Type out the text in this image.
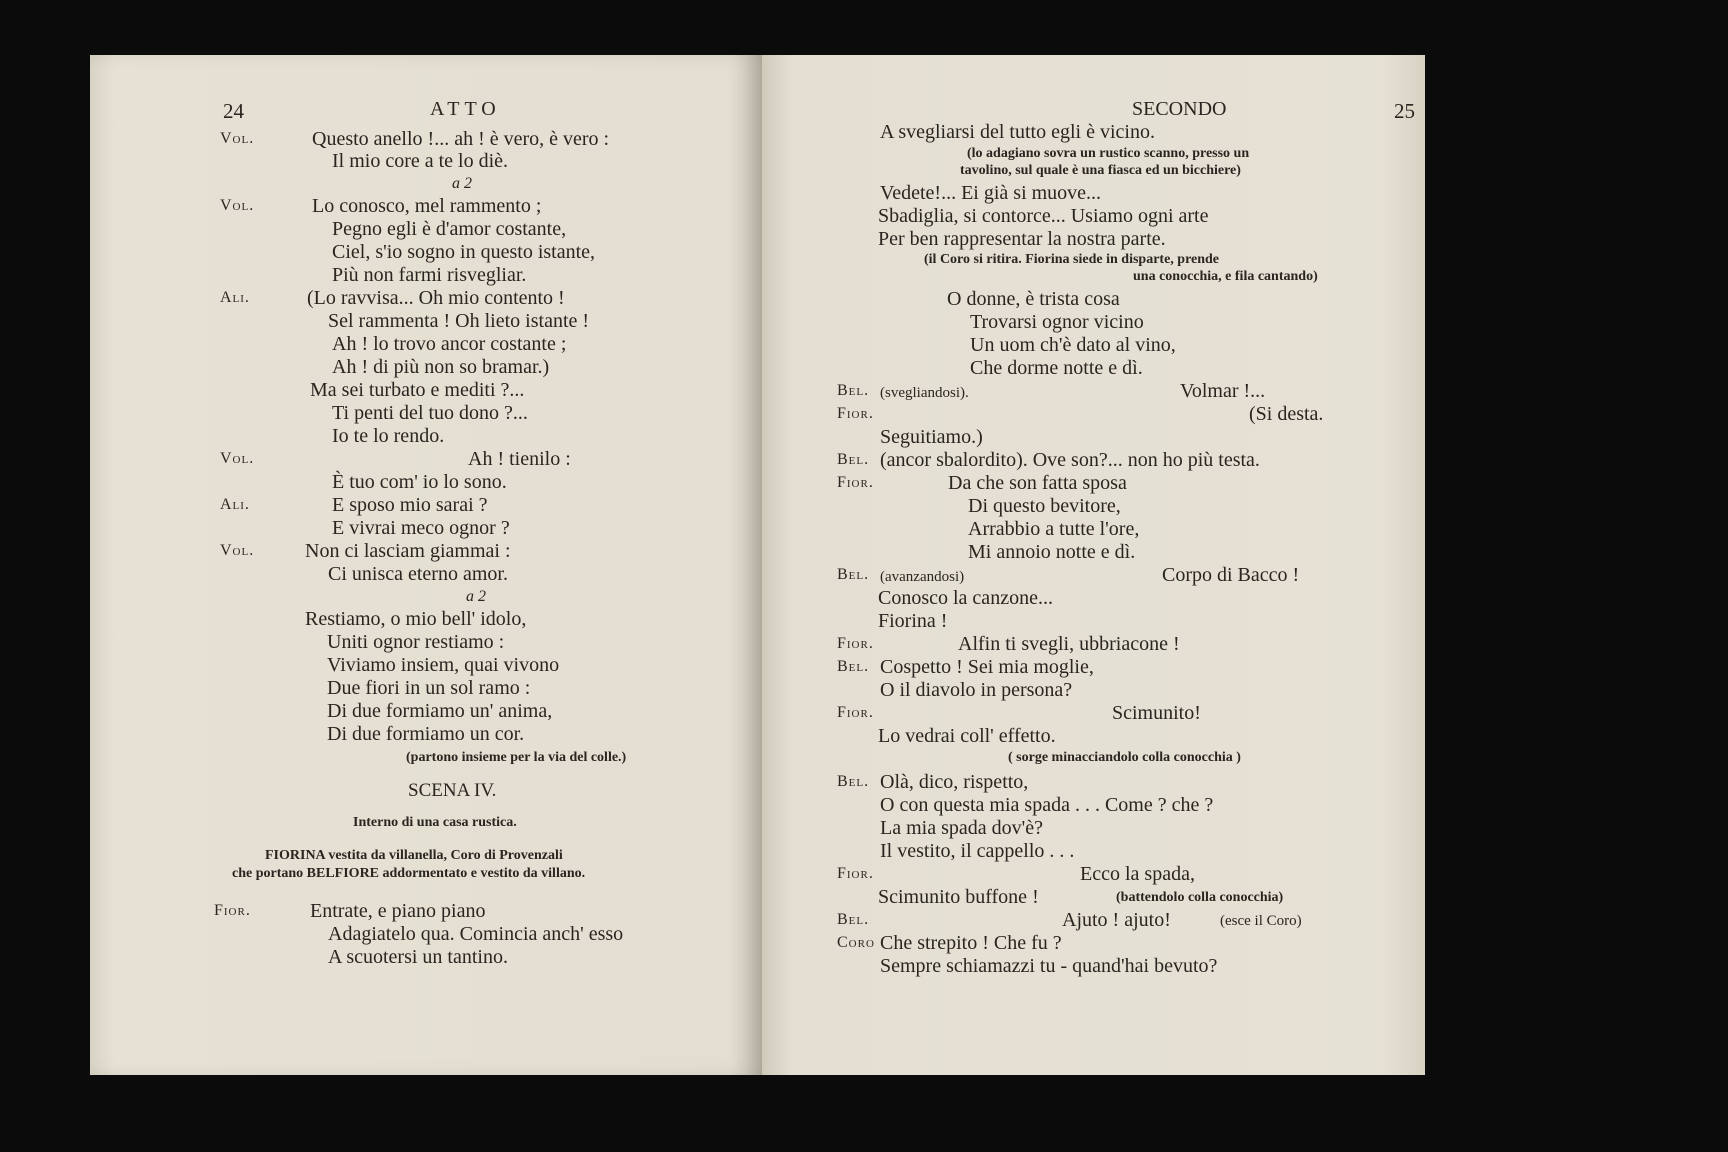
24	ATTO
Vol.	Questo anello !... ah ! è vero, è vero :
Il mio core a te lo diè.
a 2
Vol.	Lo conosco, mel rammento ;
Pegno egli è d'amor costante,
Ciel, s'io sogno in questo istante,
Più non farmi risvegliar.
Ali.	(Lo ravvisa... Oh mio contento !
Sel rammenta ! Oh lieto istante !
Ah ! lo trovo ancor costante ;
Ah ! di più non so bramar.)
Ma sei turbato e mediti ?...
Ti penti del tuo dono ?...
Io te lo rendo.
Vol.	Ah ! tienilo :
È tuo com' io lo sono.
Ali.	E sposo mio sarai ?
E vivrai meco ognor ?
Vol.	Non ci lasciam giammai :
Ci unisca eterno amor.
a 2
Restiamo, o mio bell' idolo,
Uniti ognor restiamo :
Viviamo insiem, quai vivono
Due fiori in un sol ramo :
Di due formiamo un' anima,
Di due formiamo un cor.
(partono insieme per la via del colle.)
SCENA IV.
Interno di una casa rustica.
FIORINA vestita da villanella, Coro di Provenzali
che portano BELFIORE addormentato e vestito da villano.
Fior.	Entrate, e piano piano
Adagiatelo qua. Comincia anch' esso
A scuotersi un tantino.
SECONDO	25
A svegliarsi del tutto egli è vicino.
(lo adagiano sovra un rustico scanno, presso un
tavolino, sul quale è una fiasca ed un bicchiere)
Vedete!... Ei già si muove...
Sbadiglia, si contorce... Usiamo ogni arte
Per ben rappresentar la nostra parte.
(il Coro si ritira. Fiorina siede in disparte, prende
una conocchia, e fila cantando)
O donne, è trista cosa
Trovarsi ognor vicino
Un uom ch'è dato al vino,
Che dorme notte e dì.
Bel. (svegliandosi).	Volmar !...
Fior.	(Si desta.
Seguitiamo.)
Bel. (ancor sbalordito). Ove son?... non ho più testa.
Fior.	Da che son fatta sposa
Di questo bevitore,
Arrabbio a tutte l'ore,
Mi annoio notte e dì.
Bel. (avanzandosi)	Corpo di Bacco !
Conosco la canzone...
Fiorina !
Fior.	Alfin ti svegli, ubbriacone !
Bel. Cospetto ! Sei mia moglie,
O il diavolo in persona?
Fior.	Scimunito!
Lo vedrai coll' effetto.
( sorge minacciandolo colla conocchia )
Bel. Olà, dico, rispetto,
O con questa mia spada . . . Come ? che ?
La mia spada dov'è?
Il vestito, il cappello . . .
Fior.	Ecco la spada,
Scimunito buffone !	(battendolo colla conocchia)
Bel.	Ajuto ! ajuto!	(esce il Coro)
Coro Che strepito ! Che fu ?
Sempre schiamazzi tu - quand'hai bevuto?
